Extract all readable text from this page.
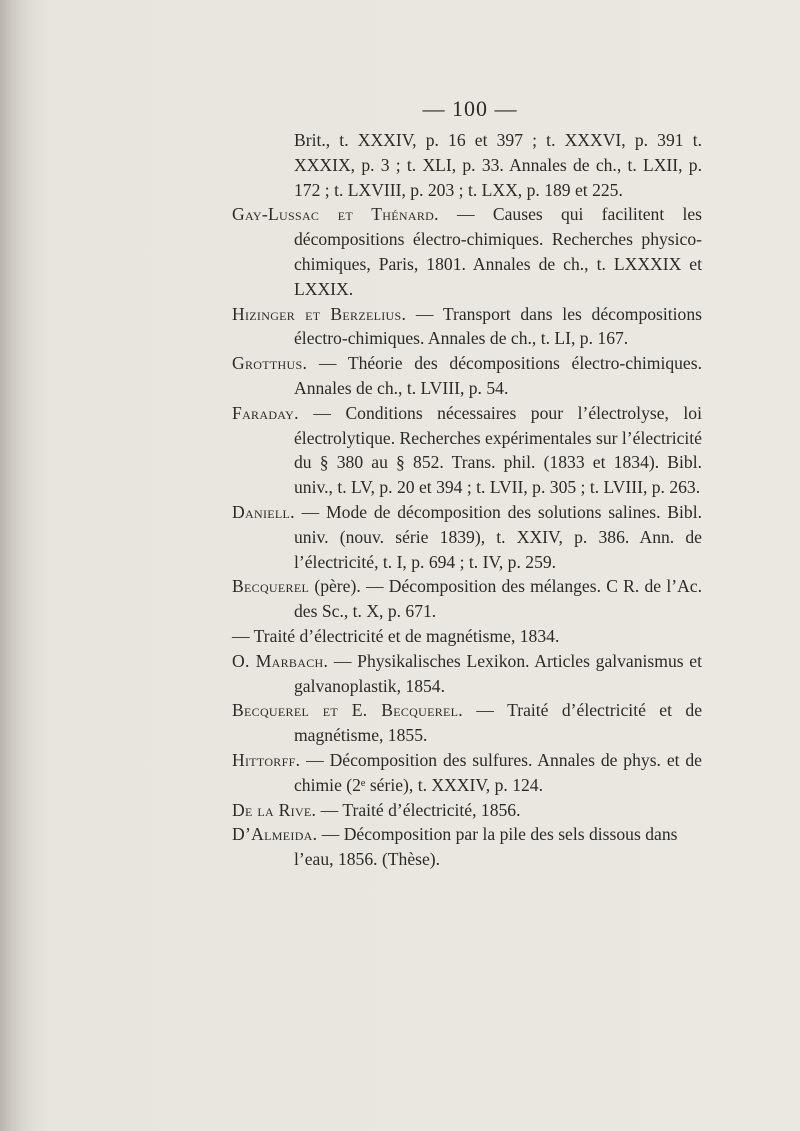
— 100 —

Brit., t. XXXIV, p. 16 et 397 ; t. XXXVI, p. 391 t. XXXIX, p. 3 ; t. XLI, p. 33. Annales de ch., t. LXII, p. 172 ; t. LXVIII, p. 203 ; t. LXX, p. 189 et 225.

Gay-Lussac et Thénard. — Causes qui facilitent les décompositions électro-chimiques. Recherches physico-chimiques, Paris, 1801. Annales de ch., t. LXXXIX et LXXIX.

Hizinger et Berzelius. — Transport dans les décompositions électro-chimiques. Annales de ch., t. LI, p. 167.

Grotthus. — Théorie des décompositions électro-chimiques. Annales de ch., t. LVIII, p. 54.

Faraday. — Conditions nécessaires pour l’électrolyse, loi électrolytique. Recherches expérimentales sur l’électricité du § 380 au § 852. Trans. phil. (1833 et 1834). Bibl. univ., t. LV, p. 20 et 394 ; t. LVII, p. 305 ; t. LVIII, p. 263.

Daniell. — Mode de décomposition des solutions salines. Bibl. univ. (nouv. série 1839), t. XXIV, p. 386. Ann. de l’électricité, t. I, p. 694 ; t. IV, p. 259.

Becquerel (père). — Décomposition des mélanges. C R. de l’Ac. des Sc., t. X, p. 671.

— Traité d’électricité et de magnétisme, 1834.

O. Marbach. — Physikalisches Lexikon. Articles galvanismus et galvanoplastik, 1854.

Becquerel et E. Becquerel. — Traité d’électricité et de magnétisme, 1855.

Hittorff. — Décomposition des sulfures. Annales de phys. et de chimie (2ᵉ série), t. XXXIV, p. 124.

De la Rive. — Traité d’électricité, 1856.

D’Almeida. — Décomposition par la pile des sels dissous dans l’eau, 1856. (Thèse).
